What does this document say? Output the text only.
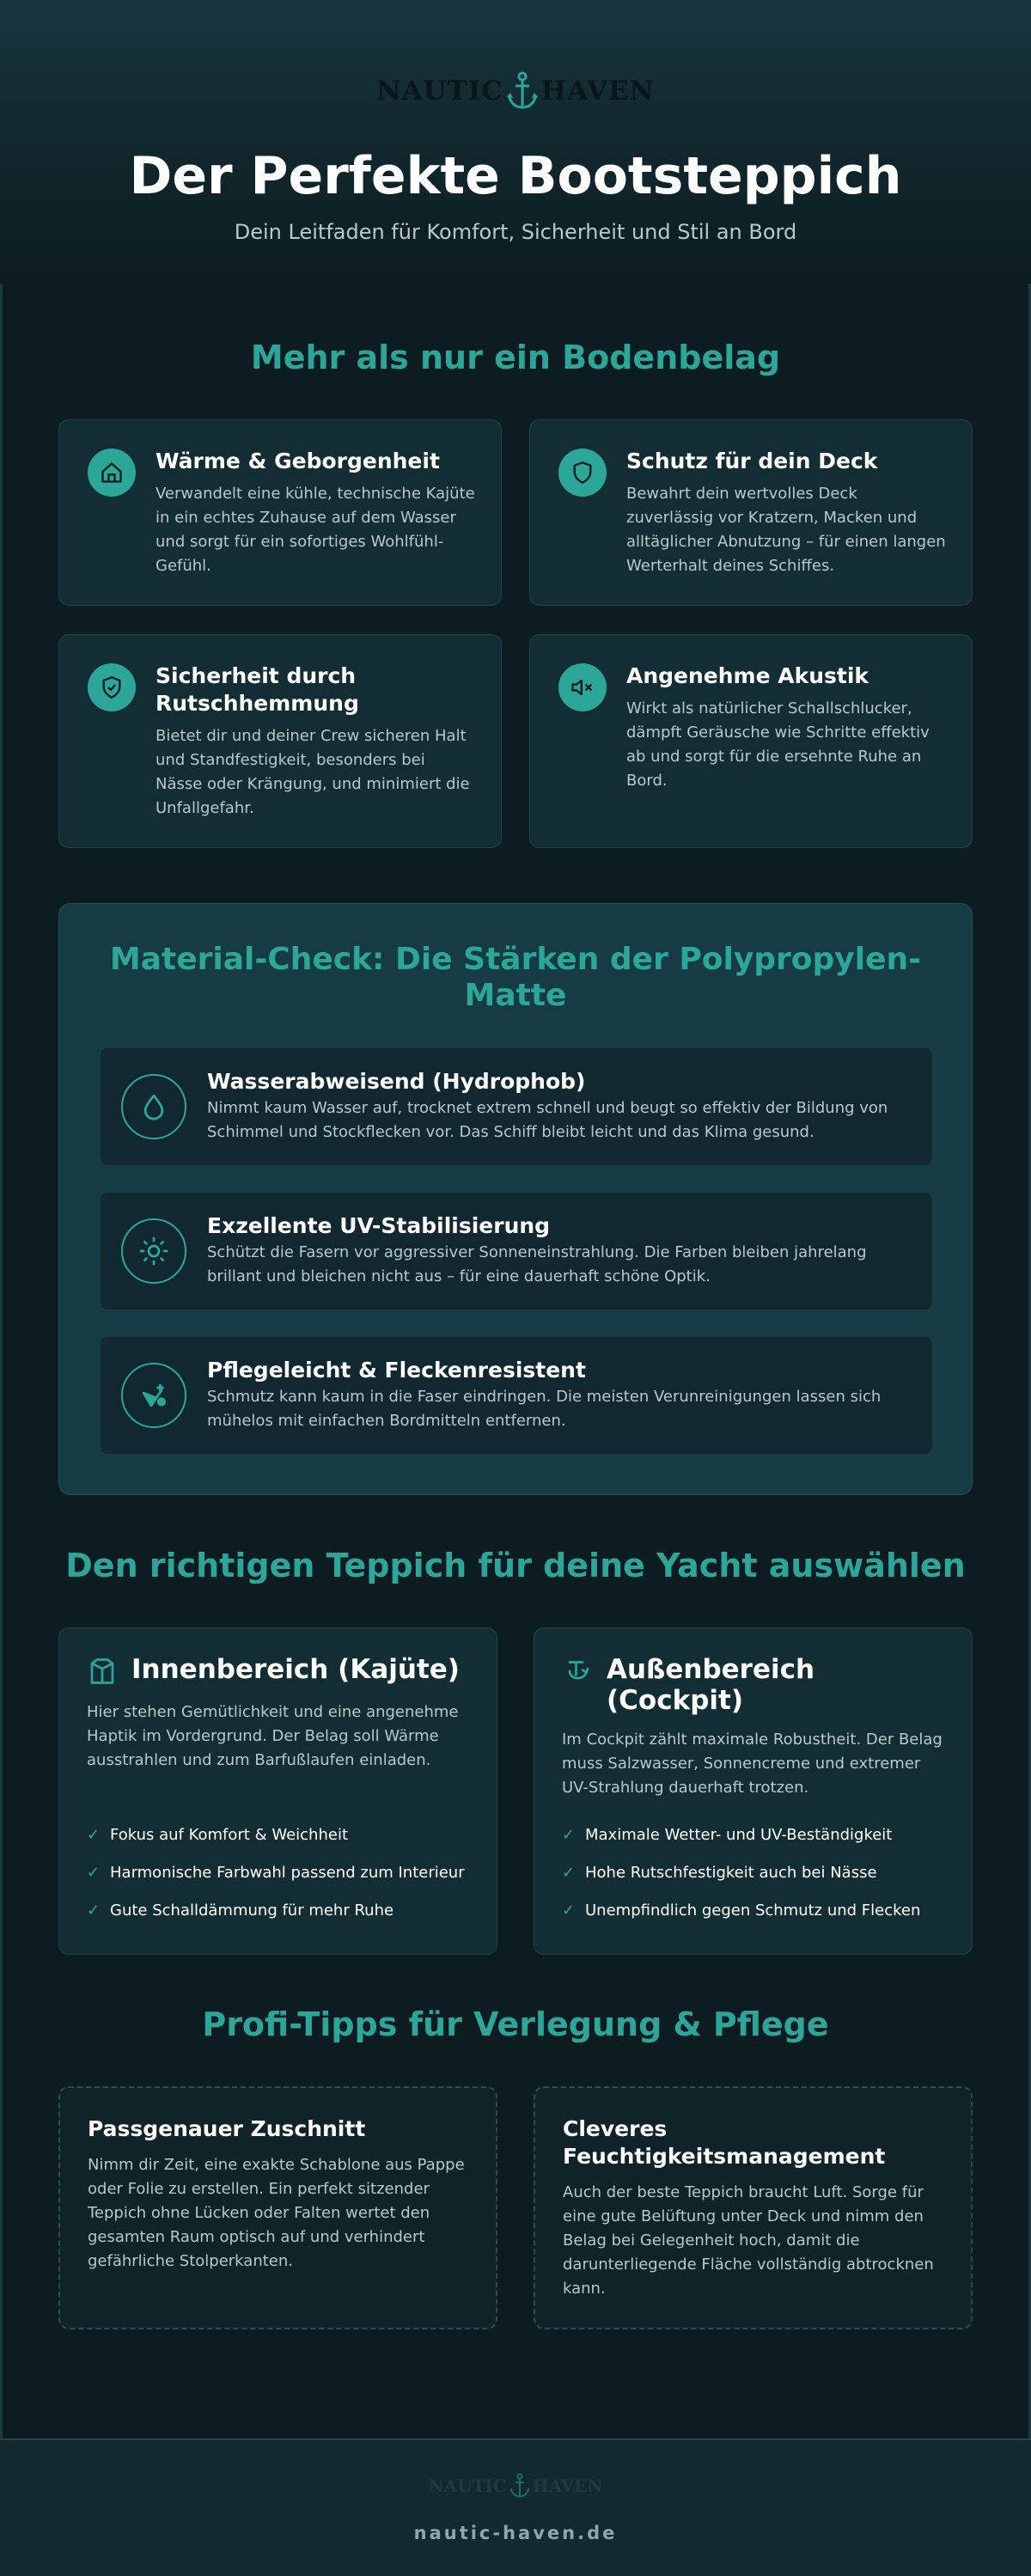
NAUTIC HAVEN
Der Perfekte Bootsteppich
Dein Leitfaden für Komfort, Sicherheit und Stil an Bord
Mehr als nur ein Bodenbelag
Wärme & Geborgenheit

Verwandelt eine kühle, technische Kajüte in ein echtes Zuhause auf dem Wasser und sorgt für ein sofortiges Wohlfühl-Gefühl.

Schutz für dein Deck

Bewahrt dein wertvolles Deck zuverlässig vor Kratzern, Macken und alltäglicher Abnutzung – für einen langen Werterhalt deines Schiffes.

Sicherheit durch Rutschhemmung

Bietet dir und deiner Crew sicheren Halt und Standfestigkeit, besonders bei Nässe oder Krängung, und minimiert die Unfallgefahr.

Angenehme Akustik

Wirkt als natürlicher Schallschlucker, dämpft Geräusche wie Schritte effektiv ab und sorgt für die ersehnte Ruhe an Bord.

Material-Check: Die Stärken der Polypropylen-Matte
Wasserabweisend (Hydrophob)

Nimmt kaum Wasser auf, trocknet extrem schnell und beugt so effektiv der Bildung von Schimmel und Stockflecken vor. Das Schiff bleibt leicht und das Klima gesund.

Exzellente UV-Stabilisierung

Schützt die Fasern vor aggressiver Sonneneinstrahlung. Die Farben bleiben jahrelang brillant und bleichen nicht aus – für eine dauerhaft schöne Optik.

Pflegeleicht & Fleckenresistent

Schmutz kann kaum in die Faser eindringen. Die meisten Verunreinigungen lassen sich mühelos mit einfachen Bordmitteln entfernen.

Den richtigen Teppich für deine Yacht auswählen
Innenbereich (Kajüte)

Hier stehen Gemütlichkeit und eine angenehme Haptik im Vordergrund. Der Belag soll Wärme ausstrahlen und zum Barfußlaufen einladen.

✓ Fokus auf Komfort & Weichheit
✓ Harmonische Farbwahl passend zum Interieur
✓ Gute Schalldämmung für mehr Ruhe
Außenbereich (Cockpit)

Im Cockpit zählt maximale Robustheit. Der Belag muss Salzwasser, Sonnencreme und extremer UV-Strahlung dauerhaft trotzen.

✓ Maximale Wetter- und UV-Beständigkeit
✓ Hohe Rutschfestigkeit auch bei Nässe
✓ Unempfindlich gegen Schmutz und Flecken
Profi-Tipps für Verlegung & Pflege
Passgenauer Zuschnitt

Nimm dir Zeit, eine exakte Schablone aus Pappe oder Folie zu erstellen. Ein perfekt sitzender Teppich ohne Lücken oder Falten wertet den gesamten Raum optisch auf und verhindert gefährliche Stolperkanten.

Cleveres Feuchtigkeitsmanagement

Auch der beste Teppich braucht Luft. Sorge für eine gute Belüftung unter Deck und nimm den Belag bei Gelegenheit hoch, damit die darunterliegende Fläche vollständig abtrocknen kann.

NAUTIC HAVEN
nautic-haven.de
